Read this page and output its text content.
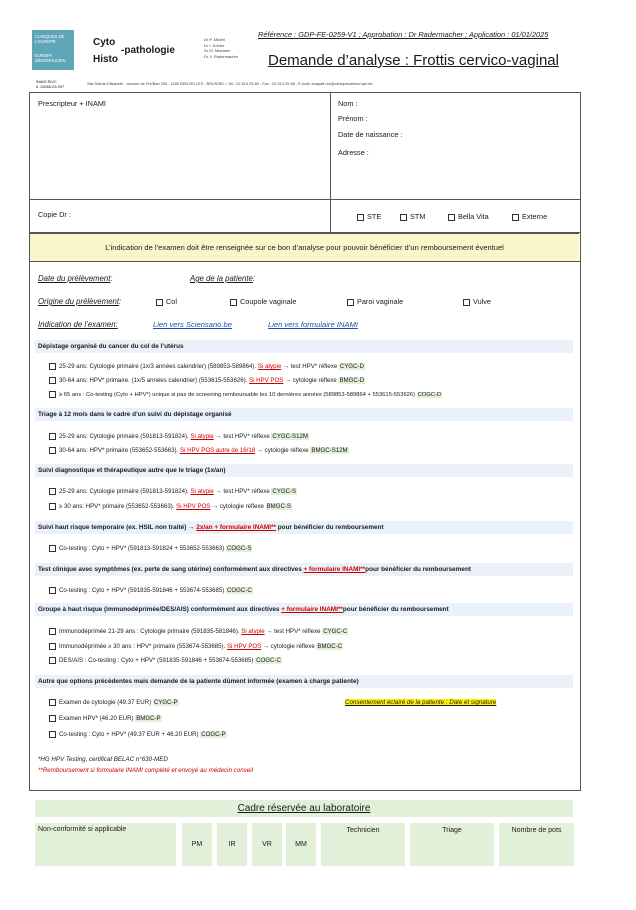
CLINIQUES DE L'EUROPE
EUROPA ZIEKENHUIZEN
INAMI RIVC
8 -28066-03-997
Cyto
-pathologie
Histo
Dr P. Michel
Dr I. Kohler
Dr M. Meirlaen
Dr V. Radermacher
Site Sainte-Elisabeth - avenue de Fré/Ban 206 - 1180 BRUXELLES - BRUSSEL • Tel : 02 614 25 80 - Fax : 02 614 25 88 - E-mail: anapath.se@cliniquesdeleurope.be
Référence : GDP-FE-0259-V1 ; Approbation : Dr Radermacher ; Application : 01/01/2025
Demande d’analyse : Frottis cervico-vaginal
Prescripteur + INAMI	Nom :
Prénom :
Date de naissance :
Adresse :
Copie Dr :	STE	STM	Bella Vita	Externe
L’indication de l’examen doit être renseignée sur ce bon d’analyse pour pouvoir bénéficier d’un remboursement éventuel
Date du prélèvement:	Age de la patiente:
Origine du prélèvement:	Col	Coupole vaginale	Paroi vaginale	Vulve
Indication de l’examen:	Lien vers Sciensano.be	Lien vers formulaire INAMI
Dépistage organisé du cancer du col de l’utérus
25-29 ans: Cytologie primaire (1x/3 années calendrier) (589853-589864). Si atypie → test HPV* réflexe CYGC-D
30-64 ans: HPV* primaire. (1x/5 années calendrier) (553615-553626). Si HPV POS → cytologie réflexe BMGC-D
≥ 65 ans : Co-testing (Cyto + HPV*) unique si pas de screening remboursable les 10 dernières années (589853-589864 + 553615-553626) COGC-D
Triage à 12 mois dans le cadre d’un suivi du dépistage organisé
25-29 ans: Cytologie primaire (591813-591824). Si atypie → test HPV* réflexe CYGC-S12M
30-64 ans: HPV* primaire (553652-553663). Si HPV POS autre de 16/18 → cytologie réflexe BMGC-S12M
Suivi diagnostique et thérapeutique autre que le triage (1x/an)
25-29 ans: Cytologie primaire (591813-591824). Si atypie → test HPV* réflexe CYGC-S
≥ 30 ans: HPV* primaire (553652-553663). Si HPV POS → cytologie réflexe BMGC-S
Suivi haut risque temporaire (ex. HSIL non traité) → 2x/an + formulaire INAMI** pour bénéficier du remboursement
Co-testing : Cyto + HPV* (591813-591824 + 553652-553663) COGC-S
Test clinique avec symptômes (ex. perte de sang utérine) conformément aux directives + formulaire INAMI**pour bénéficier du remboursement
Co-testing : Cyto + HPV* (591835-591846 + 553674-553685) COGC-C
Groupe à haut risque (immunodéprimée/DES/AIS) conformément aux directives + formulaire INAMI**pour bénéficier du remboursement
Immunodéprimée 21-29 ans : Cytologie primaire (591835-581846). Si atypie → test HPV* réflexe CYGC-C
Immunodéprimée ≥ 30 ans : HPV* primaire (553674-553685). Si HPV POS → cytologie réflexe BMGC-C
DES/AIS : Co-testing : Cyto + HPV* (591835-591846 + 553674-553685) COGC-C
Autre que options précédentes mais demande de la patiente dûment informée (examen à charge patiente)
Examen de cytologie (49.37 EUR) CYGC-P	Consentement éclairé de la patiente : Date et signature
Examen HPV* (46.20 EUR) BMGC-P
Co-testing : Cyto + HPV* (49.37 EUR + 46.20 EUR) COGC-P
*HG HPV Testing, certificat BELAC n°630-MED
**Remboursement si formulaire INAMI complété et envoyé au médecin conseil
Cadre réservée au laboratoire
Non-conformité si applicable
PM	IR	VR	MM
Technicien	Triage	Nombre de pots
